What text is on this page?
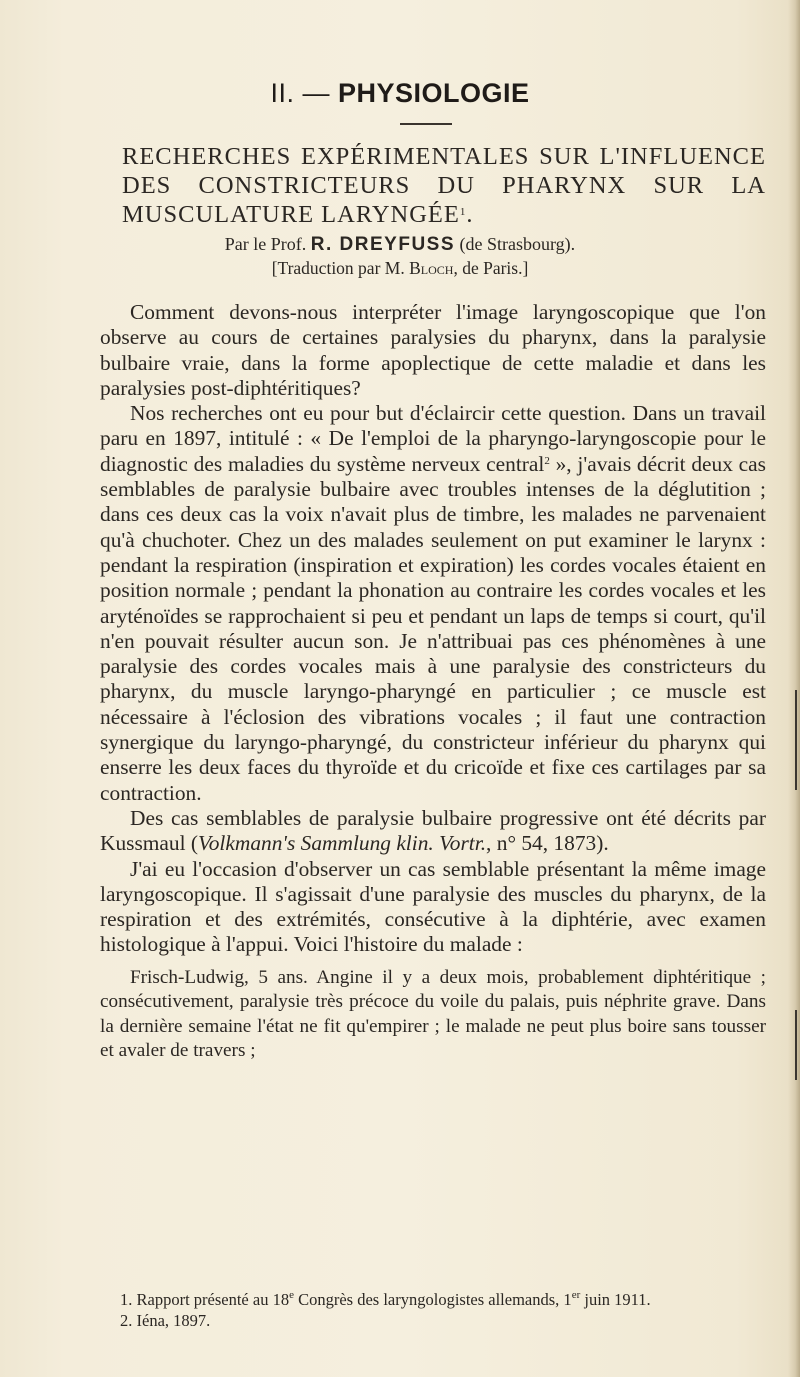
II. — PHYSIOLOGIE
RECHERCHES EXPÉRIMENTALES SUR L'INFLUENCE DES CONSTRICTEURS DU PHARYNX SUR LA MUSCULATURE LARYNGÉE$^1$.
Par le Prof. R. DREYFUSS (de Strasbourg).
[Traduction par M. Bloch, de Paris.]

Comment devons-nous interpréter l'image laryngoscopique que l'on observe au cours de certaines paralysies du pharynx, dans la paralysie bulbaire vraie, dans la forme apoplectique de cette maladie et dans les paralysies post-diphtéritiques?

Nos recherches ont eu pour but d'éclaircir cette question. Dans un travail paru en 1897, intitulé : « De l'emploi de la pharyngo-laryngoscopie pour le diagnostic des maladies du système nerveux central$^2$ », j'avais décrit deux cas semblables de paralysie bulbaire avec troubles intenses de la déglutition ; dans ces deux cas la voix n'avait plus de timbre, les malades ne parvenaient qu'à chuchoter. Chez un des malades seulement on put examiner le larynx : pendant la respiration (inspiration et expiration) les cordes vocales étaient en position normale ; pendant la phonation au contraire les cordes vocales et les aryténoïdes se rapprochaient si peu et pendant un laps de temps si court, qu'il n'en pouvait résulter aucun son. Je n'attribuai pas ces phénomènes à une paralysie des cordes vocales mais à une paralysie des constricteurs du pharynx, du muscle laryngo-pharyngé en particulier ; ce muscle est nécessaire à l'éclosion des vibrations vocales ; il faut une contraction synergique du laryngo-pharyngé, du constricteur inférieur du pharynx qui enserre les deux faces du thyroïde et du cricoïde et fixe ces cartilages par sa contraction.

Des cas semblables de paralysie bulbaire progressive ont été décrits par Kussmaul (Volkmann's Sammlung klin. Vortr., n° 54, 1873).

J'ai eu l'occasion d'observer un cas semblable présentant la même image laryngoscopique. Il s'agissait d'une paralysie des muscles du pharynx, de la respiration et des extrémités, consécutive à la diphtérie, avec examen histologique à l'appui. Voici l'histoire du malade :

Frisch-Ludwig, 5 ans. Angine il y a deux mois, probablement diphtéritique ; consécutivement, paralysie très précoce du voile du palais, puis néphrite grave. Dans la dernière semaine l'état ne fit qu'empirer ; le malade ne peut plus boire sans tousser et avaler de travers ;

1. Rapport présenté au 18e Congrès des laryngologistes allemands, 1er juin 1911.

2. Iéna, 1897.
